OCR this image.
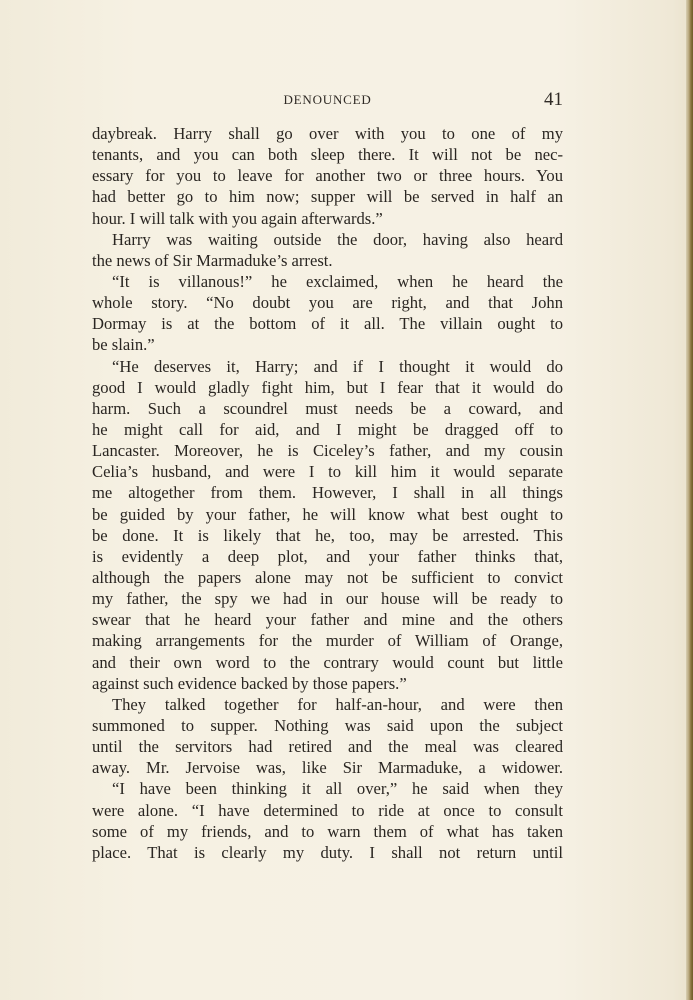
DENOUNCED	41
daybreak. Harry shall go over with you to one of my
tenants, and you can both sleep there. It will not be nec-
essary for you to leave for another two or three hours. You
had better go to him now; supper will be served in half an
hour. I will talk with you again afterwards.”
Harry was waiting outside the door, having also heard
the news of Sir Marmaduke’s arrest.
“It is villanous!” he exclaimed, when he heard the
whole story. “No doubt you are right, and that John
Dormay is at the bottom of it all. The villain ought to
be slain.”
“He deserves it, Harry; and if I thought it would do
good I would gladly fight him, but I fear that it would do
harm. Such a scoundrel must needs be a coward, and
he might call for aid, and I might be dragged off to
Lancaster. Moreover, he is Ciceley’s father, and my cousin
Celia’s husband, and were I to kill him it would separate
me altogether from them. However, I shall in all things
be guided by your father, he will know what best ought to
be done. It is likely that he, too, may be arrested. This
is evidently a deep plot, and your father thinks that,
although the papers alone may not be sufficient to convict
my father, the spy we had in our house will be ready to
swear that he heard your father and mine and the others
making arrangements for the murder of William of Orange,
and their own word to the contrary would count but little
against such evidence backed by those papers.”
They talked together for half-an-hour, and were then
summoned to supper. Nothing was said upon the subject
until the servitors had retired and the meal was cleared
away. Mr. Jervoise was, like Sir Marmaduke, a widower.
“I have been thinking it all over,” he said when they
were alone. “I have determined to ride at once to consult
some of my friends, and to warn them of what has taken
place. That is clearly my duty. I shall not return until
